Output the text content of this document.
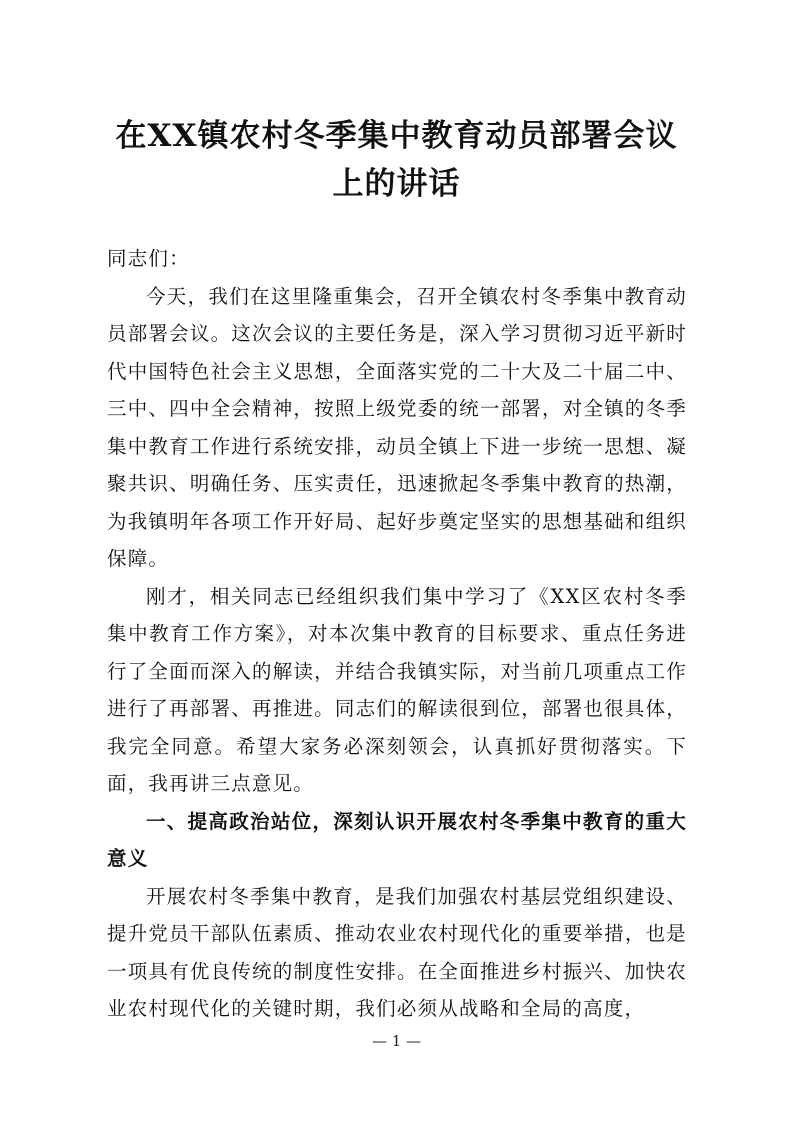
在XX镇农村冬季集中教育动员部署会议
上的讲话

同志们：

今天，我们在这里隆重集会，召开全镇农村冬季集中教育动员部署会议。这次会议的主要任务是，深入学习贯彻习近平新时代中国特色社会主义思想，全面落实党的二十大及二十届二中、三中、四中全会精神，按照上级党委的统一部署，对全镇的冬季集中教育工作进行系统安排，动员全镇上下进一步统一思想、凝聚共识、明确任务、压实责任，迅速掀起冬季集中教育的热潮，为我镇明年各项工作开好局、起好步奠定坚实的思想基础和组织保障。

刚才，相关同志已经组织我们集中学习了《XX区农村冬季集中教育工作方案》，对本次集中教育的目标要求、重点任务进行了全面而深入的解读，并结合我镇实际，对当前几项重点工作进行了再部署、再推进。同志们的解读很到位，部署也很具体，我完全同意。希望大家务必深刻领会，认真抓好贯彻落实。下面，我再讲三点意见。

一、提高政治站位，深刻认识开展农村冬季集中教育的重大意义

开展农村冬季集中教育，是我们加强农村基层党组织建设、提升党员干部队伍素质、推动农业农村现代化的重要举措，也是一项具有优良传统的制度性安排。在全面推进乡村振兴、加快农业农村现代化的关键时期，我们必须从战略和全局的高度，

— 1 —
